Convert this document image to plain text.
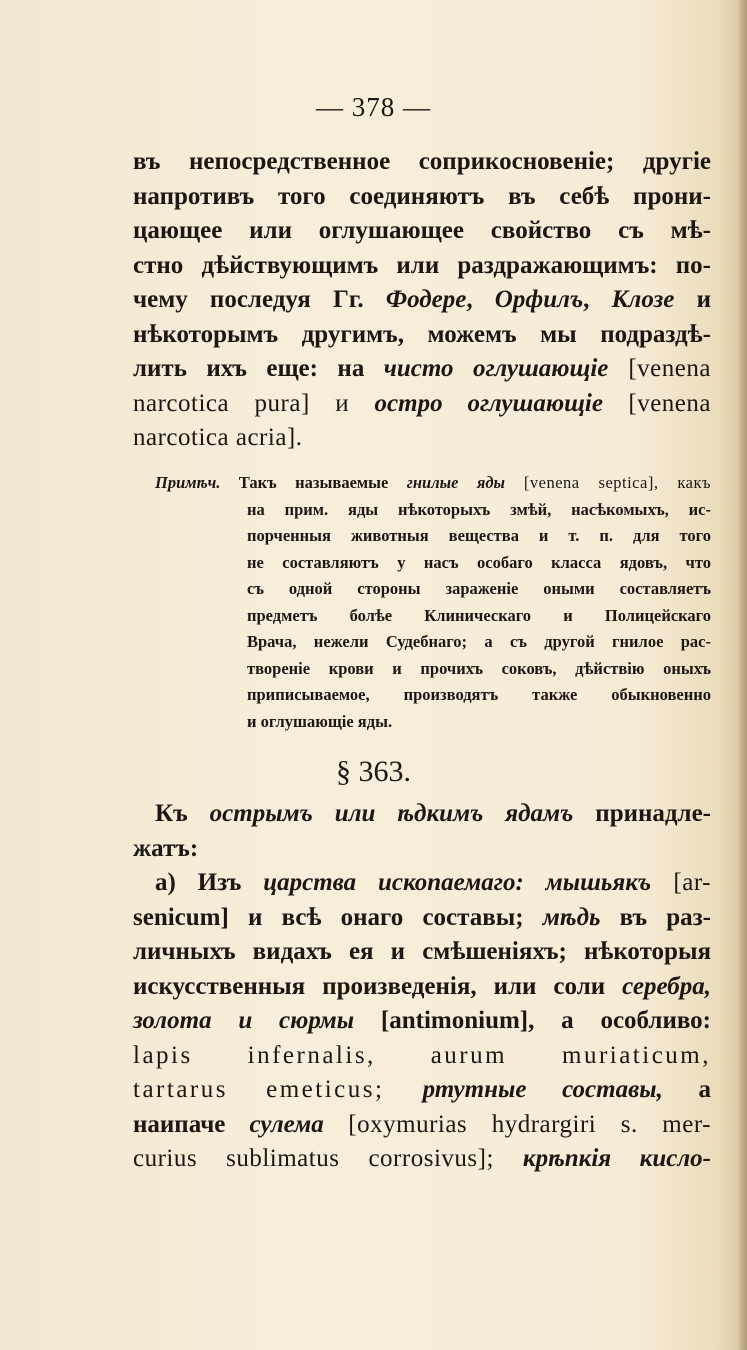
— 378 —
въ непосредственное соприкосновеніе; другіе
напротивъ того соединяютъ въ себѣ прони-
цающее или оглушающее свойство съ мѣ-
стно дѣйствующимъ или раздражающимъ: по-
чему последуя Гг. Фодере, Орфилъ, Клозе и
нѣкоторымъ другимъ, можемъ мы подраздѣ-
лить ихъ еще: на чисто оглушающіе [venena
narcotica pura] и остро оглушающіе [venena
narcotica acria].
Примѣч. Такъ называемые гнилые яды [venena septica], какъ
на прим. яды нѣкоторыхъ змѣй, насѣкомыхъ, ис-
порченныя животныя вещества и т. п. для того
не составляютъ у насъ особаго класса ядовъ, что
съ одной стороны зараженіе оными составляетъ
предметъ болѣе Клиническаго и Полицейскаго
Врача, нежели Судебнаго; а съ другой гнилое рас-
твореніе крови и прочихъ соковъ, дѣйствію оныхъ
приписываемое, производятъ также обыкновенно
и оглушающіе яды.
§ 363.
Къ острымъ или ѣдкимъ ядамъ принадле-
жатъ:
а) Изъ царства ископаемаго: мышьякъ [ar-
senicum] и всѣ онаго составы; мѣдь въ раз-
личныхъ видахъ ея и смѣшеніяхъ; нѣкоторыя
искусственныя произведенія, или соли серебра,
золота и сюрмы [antimonium], а особливо:
lapis infernalis, aurum muriaticum,
tartarus emeticus; ртутные составы, а
наипаче сулема [oxymurias hydrargiri s. mer-
curius sublimatus corrosivus]; крѣпкія кисло-
